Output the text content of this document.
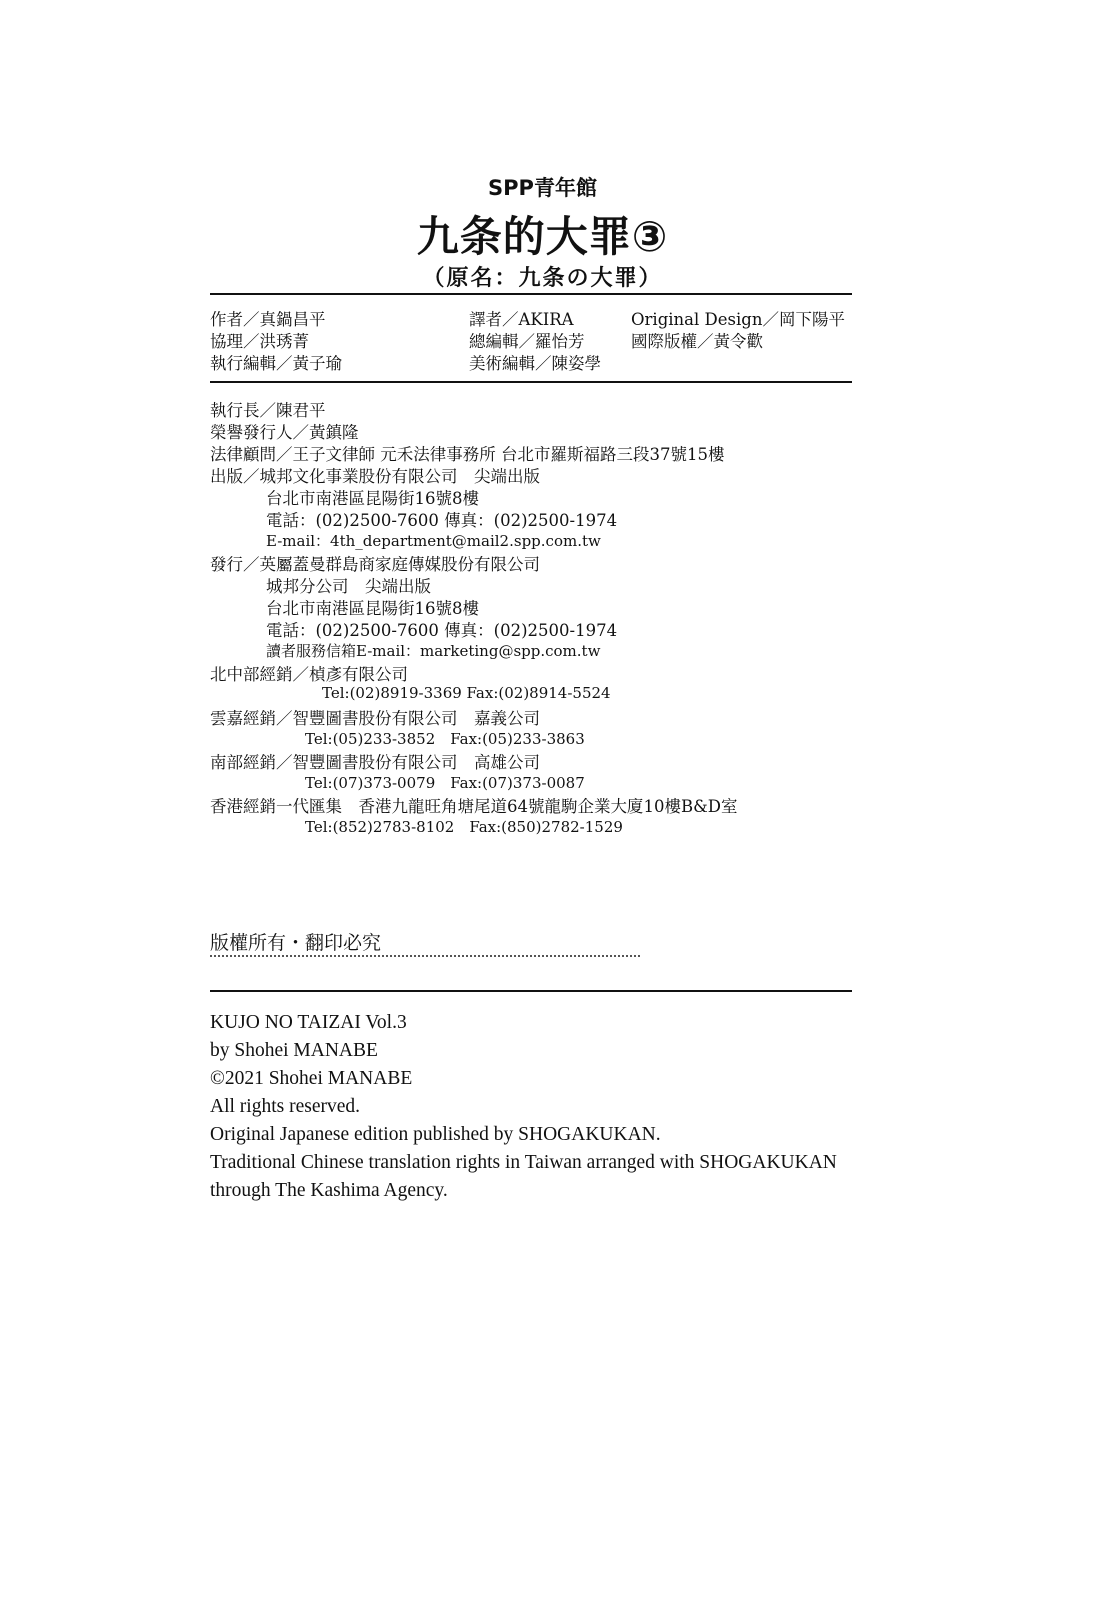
SPP青年館
九条的大罪③
（原名：九条の大罪）
作者／真鍋昌平	譯者／AKIRA	Original Design／岡下陽平
協理／洪琇菁	總編輯／羅怡芳	國際版權／黃令歡
執行編輯／黃子瑜	美術編輯／陳姿學
執行長／陳君平
榮譽發行人／黃鎮隆
法律顧問／王子文律師 元禾法律事務所 台北市羅斯福路三段37號15樓
出版／城邦文化事業股份有限公司　尖端出版
台北市南港區昆陽街16號8樓
電話：(02)2500-7600 傳真：(02)2500-1974
E-mail：4th_department@mail2.spp.com.tw
發行／英屬蓋曼群島商家庭傳媒股份有限公司
城邦分公司　尖端出版
台北市南港區昆陽街16號8樓
電話：(02)2500-7600 傳真：(02)2500-1974
讀者服務信箱E-mail：marketing@spp.com.tw
北中部經銷／楨彥有限公司
Tel:(02)8919-3369 Fax:(02)8914-5524
雲嘉經銷／智豐圖書股份有限公司　嘉義公司
Tel:(05)233-3852　Fax:(05)233-3863
南部經銷／智豐圖書股份有限公司　高雄公司
Tel:(07)373-0079　Fax:(07)373-0087
香港經銷一代匯集　香港九龍旺角塘尾道64號龍駒企業大廈10樓B&D室
Tel:(852)2783-8102　Fax:(850)2782-1529
版權所有・翻印必究
KUJO NO TAIZAI Vol.3
by Shohei MANABE
©2021 Shohei MANABE
All rights reserved.
Original Japanese edition published by SHOGAKUKAN.
Traditional Chinese translation rights in Taiwan arranged with SHOGAKUKAN
through The Kashima Agency.
